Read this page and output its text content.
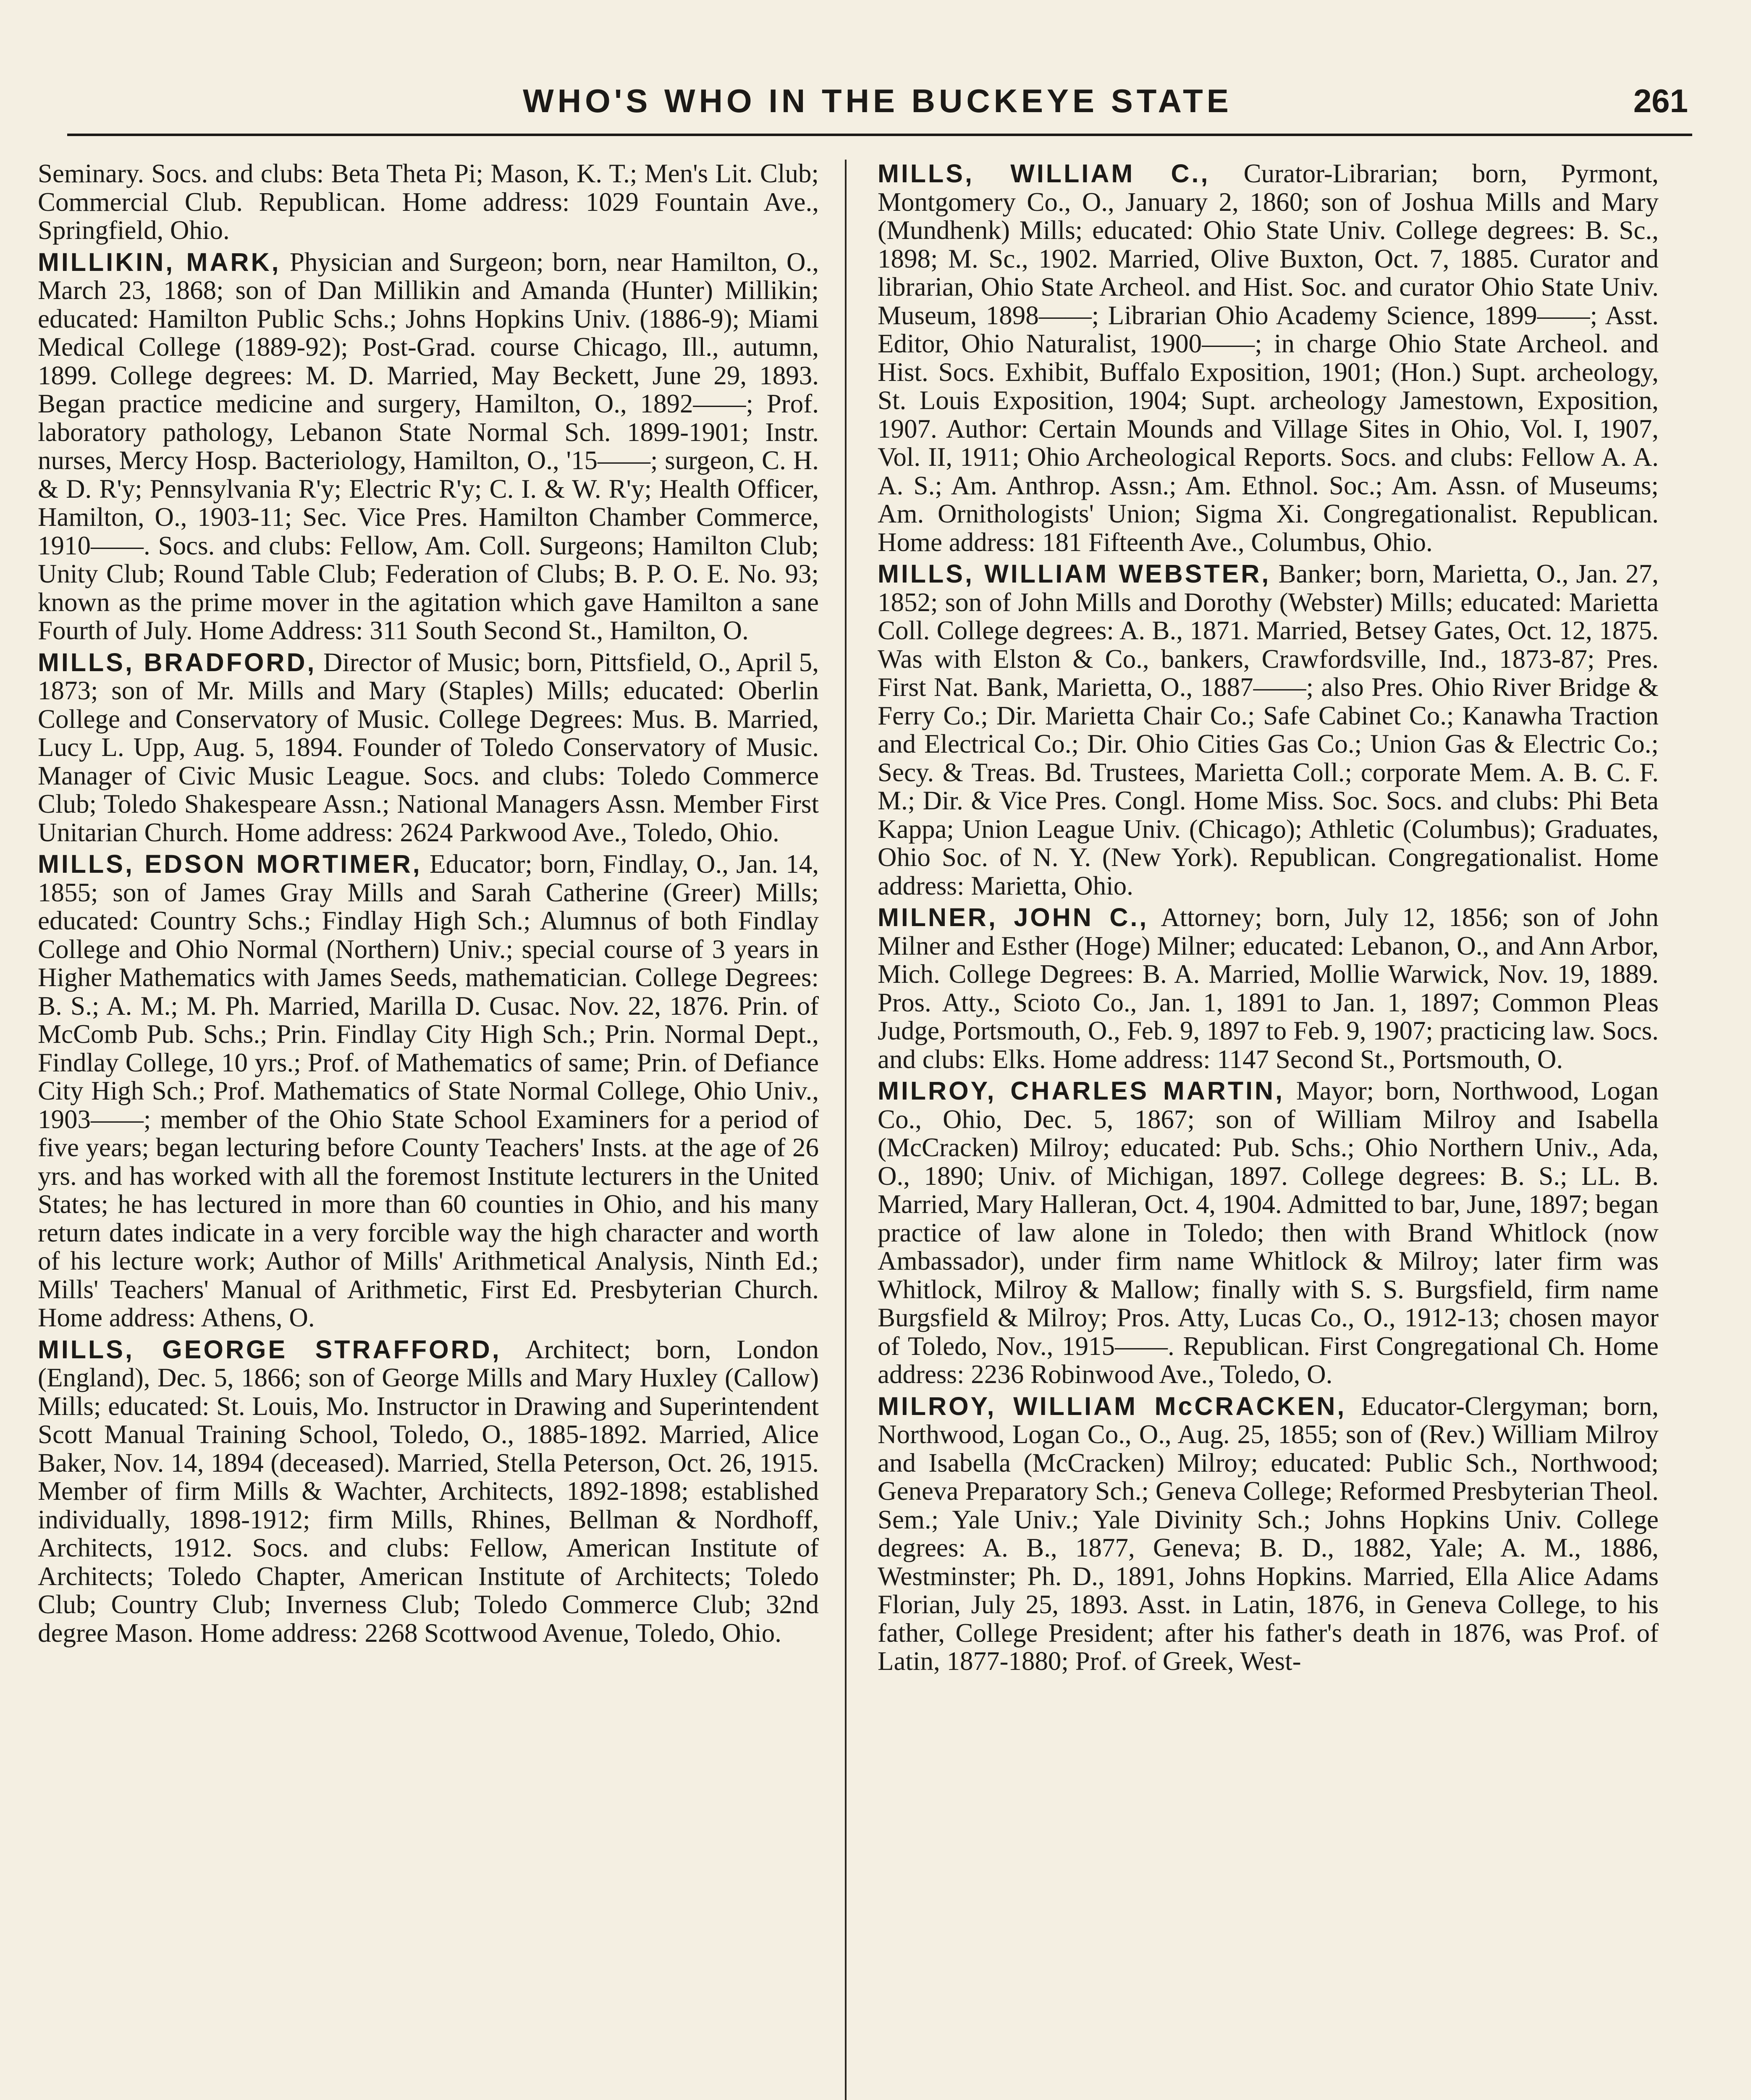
WHO'S WHO IN THE BUCKEYE STATE	261

Seminary. Socs. and clubs: Beta Theta Pi; Mason, K. T.; Men's Lit. Club; Commercial Club. Republican. Home address: 1029 Fountain Ave., Springfield, Ohio.

MILLIKIN, MARK, Physician and Surgeon; born, near Hamilton, O., March 23, 1868; son of Dan Millikin and Amanda (Hunter) Millikin; educated: Hamilton Public Schs.; Johns Hopkins Univ. (1886-9); Miami Medical College (1889-92); Post-Grad. course Chicago, Ill., autumn, 1899. College degrees: M. D. Married, May Beckett, June 29, 1893. Began practice medicine and surgery, Hamilton, O., 1892——; Prof. laboratory pathology, Lebanon State Normal Sch. 1899-1901; Instr. nurses, Mercy Hosp. Bacteriology, Hamilton, O., '15——; surgeon, C. H. & D. R'y; Pennsylvania R'y; Electric R'y; C. I. & W. R'y; Health Officer, Hamilton, O., 1903-11; Sec. Vice Pres. Hamilton Chamber Commerce, 1910——. Socs. and clubs: Fellow, Am. Coll. Surgeons; Hamilton Club; Unity Club; Round Table Club; Federation of Clubs; B. P. O. E. No. 93; known as the prime mover in the agitation which gave Hamilton a sane Fourth of July. Home Address: 311 South Second St., Hamilton, O.

MILLS, BRADFORD, Director of Music; born, Pittsfield, O., April 5, 1873; son of Mr. Mills and Mary (Staples) Mills; educated: Oberlin College and Conservatory of Music. College Degrees: Mus. B. Married, Lucy L. Upp, Aug. 5, 1894. Founder of Toledo Conservatory of Music. Manager of Civic Music League. Socs. and clubs: Toledo Commerce Club; Toledo Shakespeare Assn.; National Managers Assn. Member First Unitarian Church. Home address: 2624 Parkwood Ave., Toledo, Ohio.

MILLS, EDSON MORTIMER, Educator; born, Findlay, O., Jan. 14, 1855; son of James Gray Mills and Sarah Catherine (Greer) Mills; educated: Country Schs.; Findlay High Sch.; Alumnus of both Findlay College and Ohio Normal (Northern) Univ.; special course of 3 years in Higher Mathematics with James Seeds, mathematician. College Degrees: B. S.; A. M.; M. Ph. Married, Marilla D. Cusac. Nov. 22, 1876. Prin. of McComb Pub. Schs.; Prin. Findlay City High Sch.; Prin. Normal Dept., Findlay College, 10 yrs.; Prof. of Mathematics of same; Prin. of Defiance City High Sch.; Prof. Mathematics of State Normal College, Ohio Univ., 1903——; member of the Ohio State School Examiners for a period of five years; began lecturing before County Teachers' Insts. at the age of 26 yrs. and has worked with all the foremost Institute lecturers in the United States; he has lectured in more than 60 counties in Ohio, and his many return dates indicate in a very forcible way the high character and worth of his lecture work; Author of Mills' Arithmetical Analysis, Ninth Ed.; Mills' Teachers' Manual of Arithmetic, First Ed. Presbyterian Church. Home address: Athens, O.

MILLS, GEORGE STRAFFORD, Architect; born, London (England), Dec. 5, 1866; son of George Mills and Mary Huxley (Callow) Mills; educated: St. Louis, Mo. Instructor in Drawing and Superintendent Scott Manual Training School, Toledo, O., 1885-1892. Married, Alice Baker, Nov. 14, 1894 (deceased). Married, Stella Peterson, Oct. 26, 1915. Member of firm Mills & Wachter, Architects, 1892-1898; established individually, 1898-1912; firm Mills, Rhines, Bellman & Nordhoff, Architects, 1912. Socs. and clubs: Fellow, American Institute of Architects; Toledo Chapter, American Institute of Architects; Toledo Club; Country Club; Inverness Club; Toledo Commerce Club; 32nd degree Mason. Home address: 2268 Scottwood Avenue, Toledo, Ohio.

MILLS, WILLIAM C., Curator-Librarian; born, Pyrmont, Montgomery Co., O., January 2, 1860; son of Joshua Mills and Mary (Mundhenk) Mills; educated: Ohio State Univ. College degrees: B. Sc., 1898; M. Sc., 1902. Married, Olive Buxton, Oct. 7, 1885. Curator and librarian, Ohio State Archeol. and Hist. Soc. and curator Ohio State Univ. Museum, 1898——; Librarian Ohio Academy Science, 1899——; Asst. Editor, Ohio Naturalist, 1900——; in charge Ohio State Archeol. and Hist. Socs. Exhibit, Buffalo Exposition, 1901; (Hon.) Supt. archeology, St. Louis Exposition, 1904; Supt. archeology Jamestown, Exposition, 1907. Author: Certain Mounds and Village Sites in Ohio, Vol. I, 1907, Vol. II, 1911; Ohio Archeological Reports. Socs. and clubs: Fellow A. A. A. S.; Am. Anthrop. Assn.; Am. Ethnol. Soc.; Am. Assn. of Museums; Am. Ornithologists' Union; Sigma Xi. Congregationalist. Republican. Home address: 181 Fifteenth Ave., Columbus, Ohio.

MILLS, WILLIAM WEBSTER, Banker; born, Marietta, O., Jan. 27, 1852; son of John Mills and Dorothy (Webster) Mills; educated: Marietta Coll. College degrees: A. B., 1871. Married, Betsey Gates, Oct. 12, 1875. Was with Elston & Co., bankers, Crawfordsville, Ind., 1873-87; Pres. First Nat. Bank, Marietta, O., 1887——; also Pres. Ohio River Bridge & Ferry Co.; Dir. Marietta Chair Co.; Safe Cabinet Co.; Kanawha Traction and Electrical Co.; Dir. Ohio Cities Gas Co.; Union Gas & Electric Co.; Secy. & Treas. Bd. Trustees, Marietta Coll.; corporate Mem. A. B. C. F. M.; Dir. & Vice Pres. Congl. Home Miss. Soc. Socs. and clubs: Phi Beta Kappa; Union League Univ. (Chicago); Athletic (Columbus); Graduates, Ohio Soc. of N. Y. (New York). Republican. Congregationalist. Home address: Marietta, Ohio.

MILNER, JOHN C., Attorney; born, July 12, 1856; son of John Milner and Esther (Hoge) Milner; educated: Lebanon, O., and Ann Arbor, Mich. College Degrees: B. A. Married, Mollie Warwick, Nov. 19, 1889. Pros. Atty., Scioto Co., Jan. 1, 1891 to Jan. 1, 1897; Common Pleas Judge, Portsmouth, O., Feb. 9, 1897 to Feb. 9, 1907; practicing law. Socs. and clubs: Elks. Home address: 1147 Second St., Portsmouth, O.

MILROY, CHARLES MARTIN, Mayor; born, Northwood, Logan Co., Ohio, Dec. 5, 1867; son of William Milroy and Isabella (McCracken) Milroy; educated: Pub. Schs.; Ohio Northern Univ., Ada, O., 1890; Univ. of Michigan, 1897. College degrees: B. S.; LL. B. Married, Mary Halleran, Oct. 4, 1904. Admitted to bar, June, 1897; began practice of law alone in Toledo; then with Brand Whitlock (now Ambassador), under firm name Whitlock & Milroy; later firm was Whitlock, Milroy & Mallow; finally with S. S. Burgsfield, firm name Burgsfield & Milroy; Pros. Atty, Lucas Co., O., 1912-13; chosen mayor of Toledo, Nov., 1915——. Republican. First Congregational Ch. Home address: 2236 Robinwood Ave., Toledo, O.

MILROY, WILLIAM McCRACKEN, Educator-Clergyman; born, Northwood, Logan Co., O., Aug. 25, 1855; son of (Rev.) William Milroy and Isabella (McCracken) Milroy; educated: Public Sch., Northwood; Geneva Preparatory Sch.; Geneva College; Reformed Presbyterian Theol. Sem.; Yale Univ.; Yale Divinity Sch.; Johns Hopkins Univ. College degrees: A. B., 1877, Geneva; B. D., 1882, Yale; A. M., 1886, Westminster; Ph. D., 1891, Johns Hopkins. Married, Ella Alice Adams Florian, July 25, 1893. Asst. in Latin, 1876, in Geneva College, to his father, College President; after his father's death in 1876, was Prof. of Latin, 1877-1880; Prof. of Greek, West-
